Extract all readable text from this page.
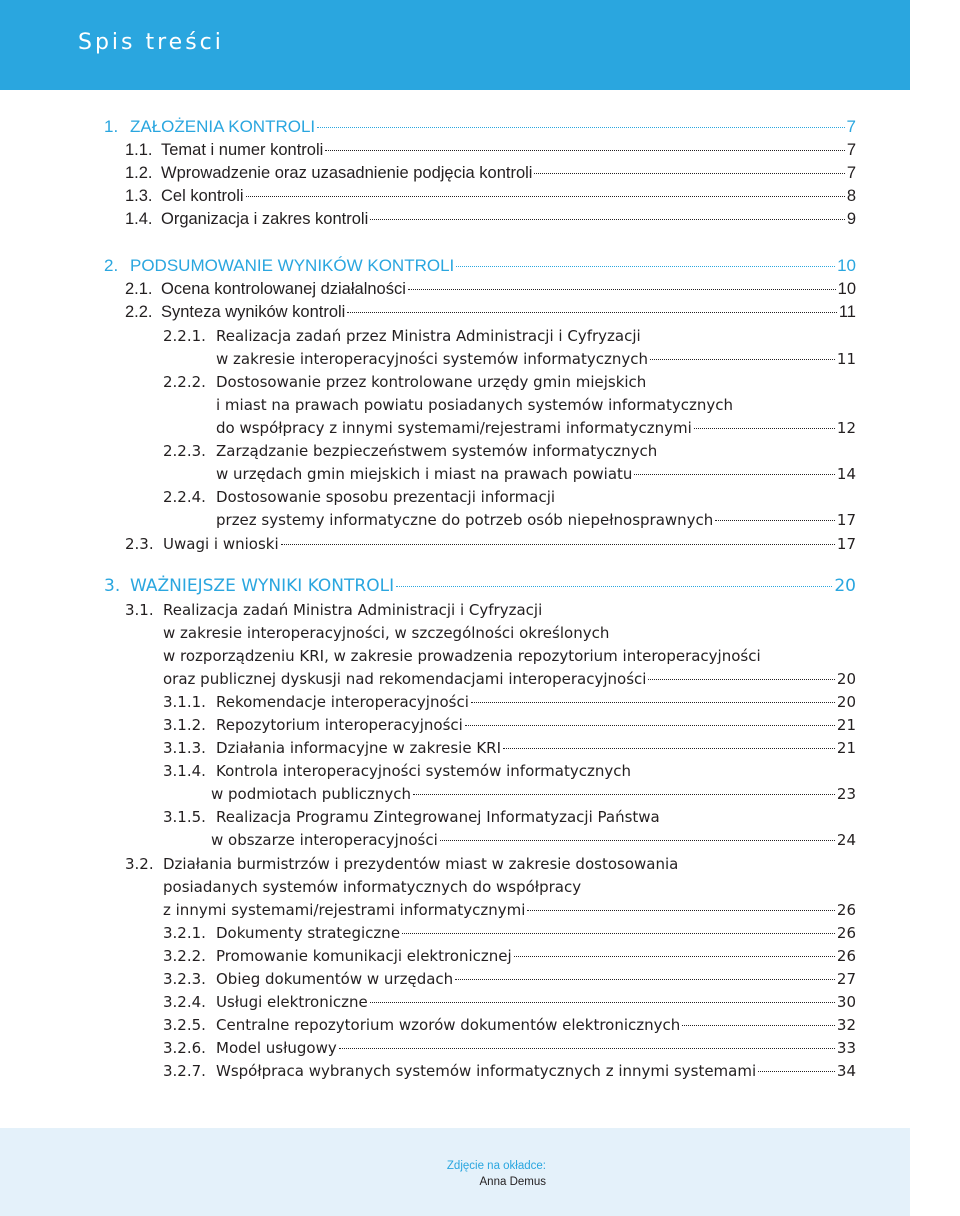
Spis treści
1. ZAŁOŻENIA KONTROLI	7
1.1. Temat i numer kontroli	7
1.2. Wprowadzenie oraz uzasadnienie podjęcia kontroli	7
1.3. Cel kontroli	8
1.4. Organizacja i zakres kontroli	9
2. PODSUMOWANIE WYNIKÓW KONTROLI	10
2.1. Ocena kontrolowanej działalności	10
2.2. Synteza wyników kontroli	11
2.2.1. Realizacja zadań przez Ministra Administracji i Cyfryzacji
w zakresie interoperacyjności systemów informatycznych	11
2.2.2. Dostosowanie przez kontrolowane urzędy gmin miejskich
i miast na prawach powiatu posiadanych systemów informatycznych
do współpracy z innymi systemami/rejestrami informatycznymi	12
2.2.3. Zarządzanie bezpieczeństwem systemów informatycznych
w urzędach gmin miejskich i miast na prawach powiatu	14
2.2.4. Dostosowanie sposobu prezentacji informacji
przez systemy informatyczne do potrzeb osób niepełnosprawnych	17
2.3. Uwagi i wnioski	17
3. WAŻNIEJSZE WYNIKI KONTROLI	20
3.1. Realizacja zadań Ministra Administracji i Cyfryzacji
w zakresie interoperacyjności, w szczególności określonych
w rozporządzeniu KRI, w zakresie prowadzenia repozytorium interoperacyjności
oraz publicznej dyskusji nad rekomendacjami interoperacyjności	20
3.1.1. Rekomendacje interoperacyjności	20
3.1.2. Repozytorium interoperacyjności	21
3.1.3. Działania informacyjne w zakresie KRI	21
3.1.4. Kontrola interoperacyjności systemów informatycznych
w podmiotach publicznych	23
3.1.5. Realizacja Programu Zintegrowanej Informatyzacji Państwa
w obszarze interoperacyjności	24
3.2. Działania burmistrzów i prezydentów miast w zakresie dostosowania
posiadanych systemów informatycznych do współpracy
z innymi systemami/rejestrami informatycznymi	26
3.2.1. Dokumenty strategiczne	26
3.2.2. Promowanie komunikacji elektronicznej	26
3.2.3. Obieg dokumentów w urzędach	27
3.2.4. Usługi elektroniczne	30
3.2.5. Centralne repozytorium wzorów dokumentów elektronicznych	32
3.2.6. Model usługowy	33
3.2.7. Współpraca wybranych systemów informatycznych z innymi systemami	34
Zdjęcie na okładce:
Anna Demus
